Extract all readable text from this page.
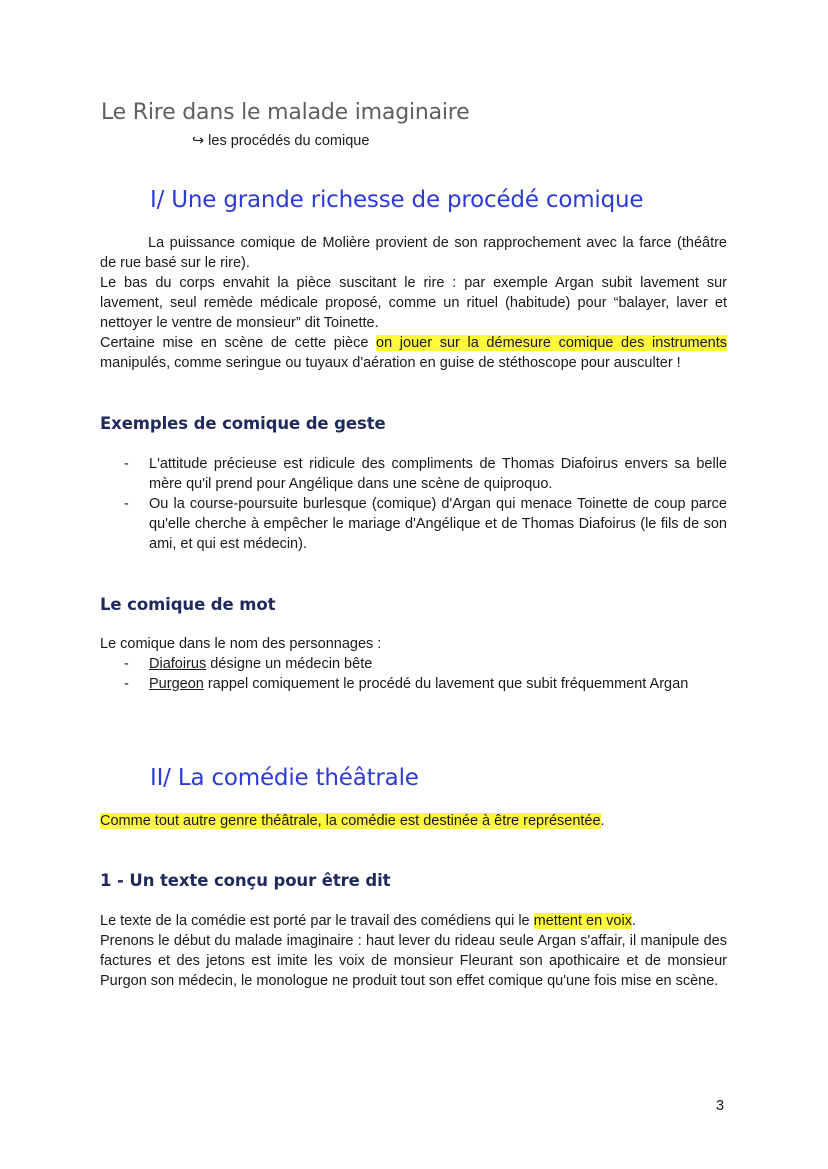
Le Rire dans le malade imaginaire
↪ les procédés du comique
I/ Une grande richesse de procédé comique

La puissance comique de Molière provient de son rapprochement avec la farce (théâtre de rue basé sur le rire).

Le bas du corps envahit la pièce suscitant le rire : par exemple Argan subit lavement sur lavement, seul remède médicale proposé, comme un rituel (habitude) pour “balayer, laver et nettoyer le ventre de monsieur” dit Toinette.

Certaine mise en scène de cette pièce on jouer sur la démesure comique des instruments manipulés, comme seringue ou tuyaux d'aération en guise de stéthoscope pour ausculter !

Exemples de comique de geste
- L'attitude précieuse est ridicule des compliments de Thomas Diafoirus envers sa belle mère qu'il prend pour Angélique dans une scène de quiproquo.
- Ou la course-poursuite burlesque (comique) d'Argan qui menace Toinette de coup parce qu'elle cherche à empêcher le mariage d'Angélique et de Thomas Diafoirus (le fils de son ami, et qui est médecin).
Le comique de mot

Le comique dans le nom des personnages :

- Diafoirus désigne un médecin bête
- Purgeon rappel comiquement le procédé du lavement que subit fréquemment Argan
II/ La comédie théâtrale

Comme tout autre genre théâtrale, la comédie est destinée à être représentée.

1 - Un texte conçu pour être dit

Le texte de la comédie est porté par le travail des comédiens qui le mettent en voix.

Prenons le début du malade imaginaire : haut lever du rideau seule Argan s'affair, il manipule des factures et des jetons est imite les voix de monsieur Fleurant son apothicaire et de monsieur Purgon son médecin, le monologue ne produit tout son effet comique qu'une fois mise en scène.

3
